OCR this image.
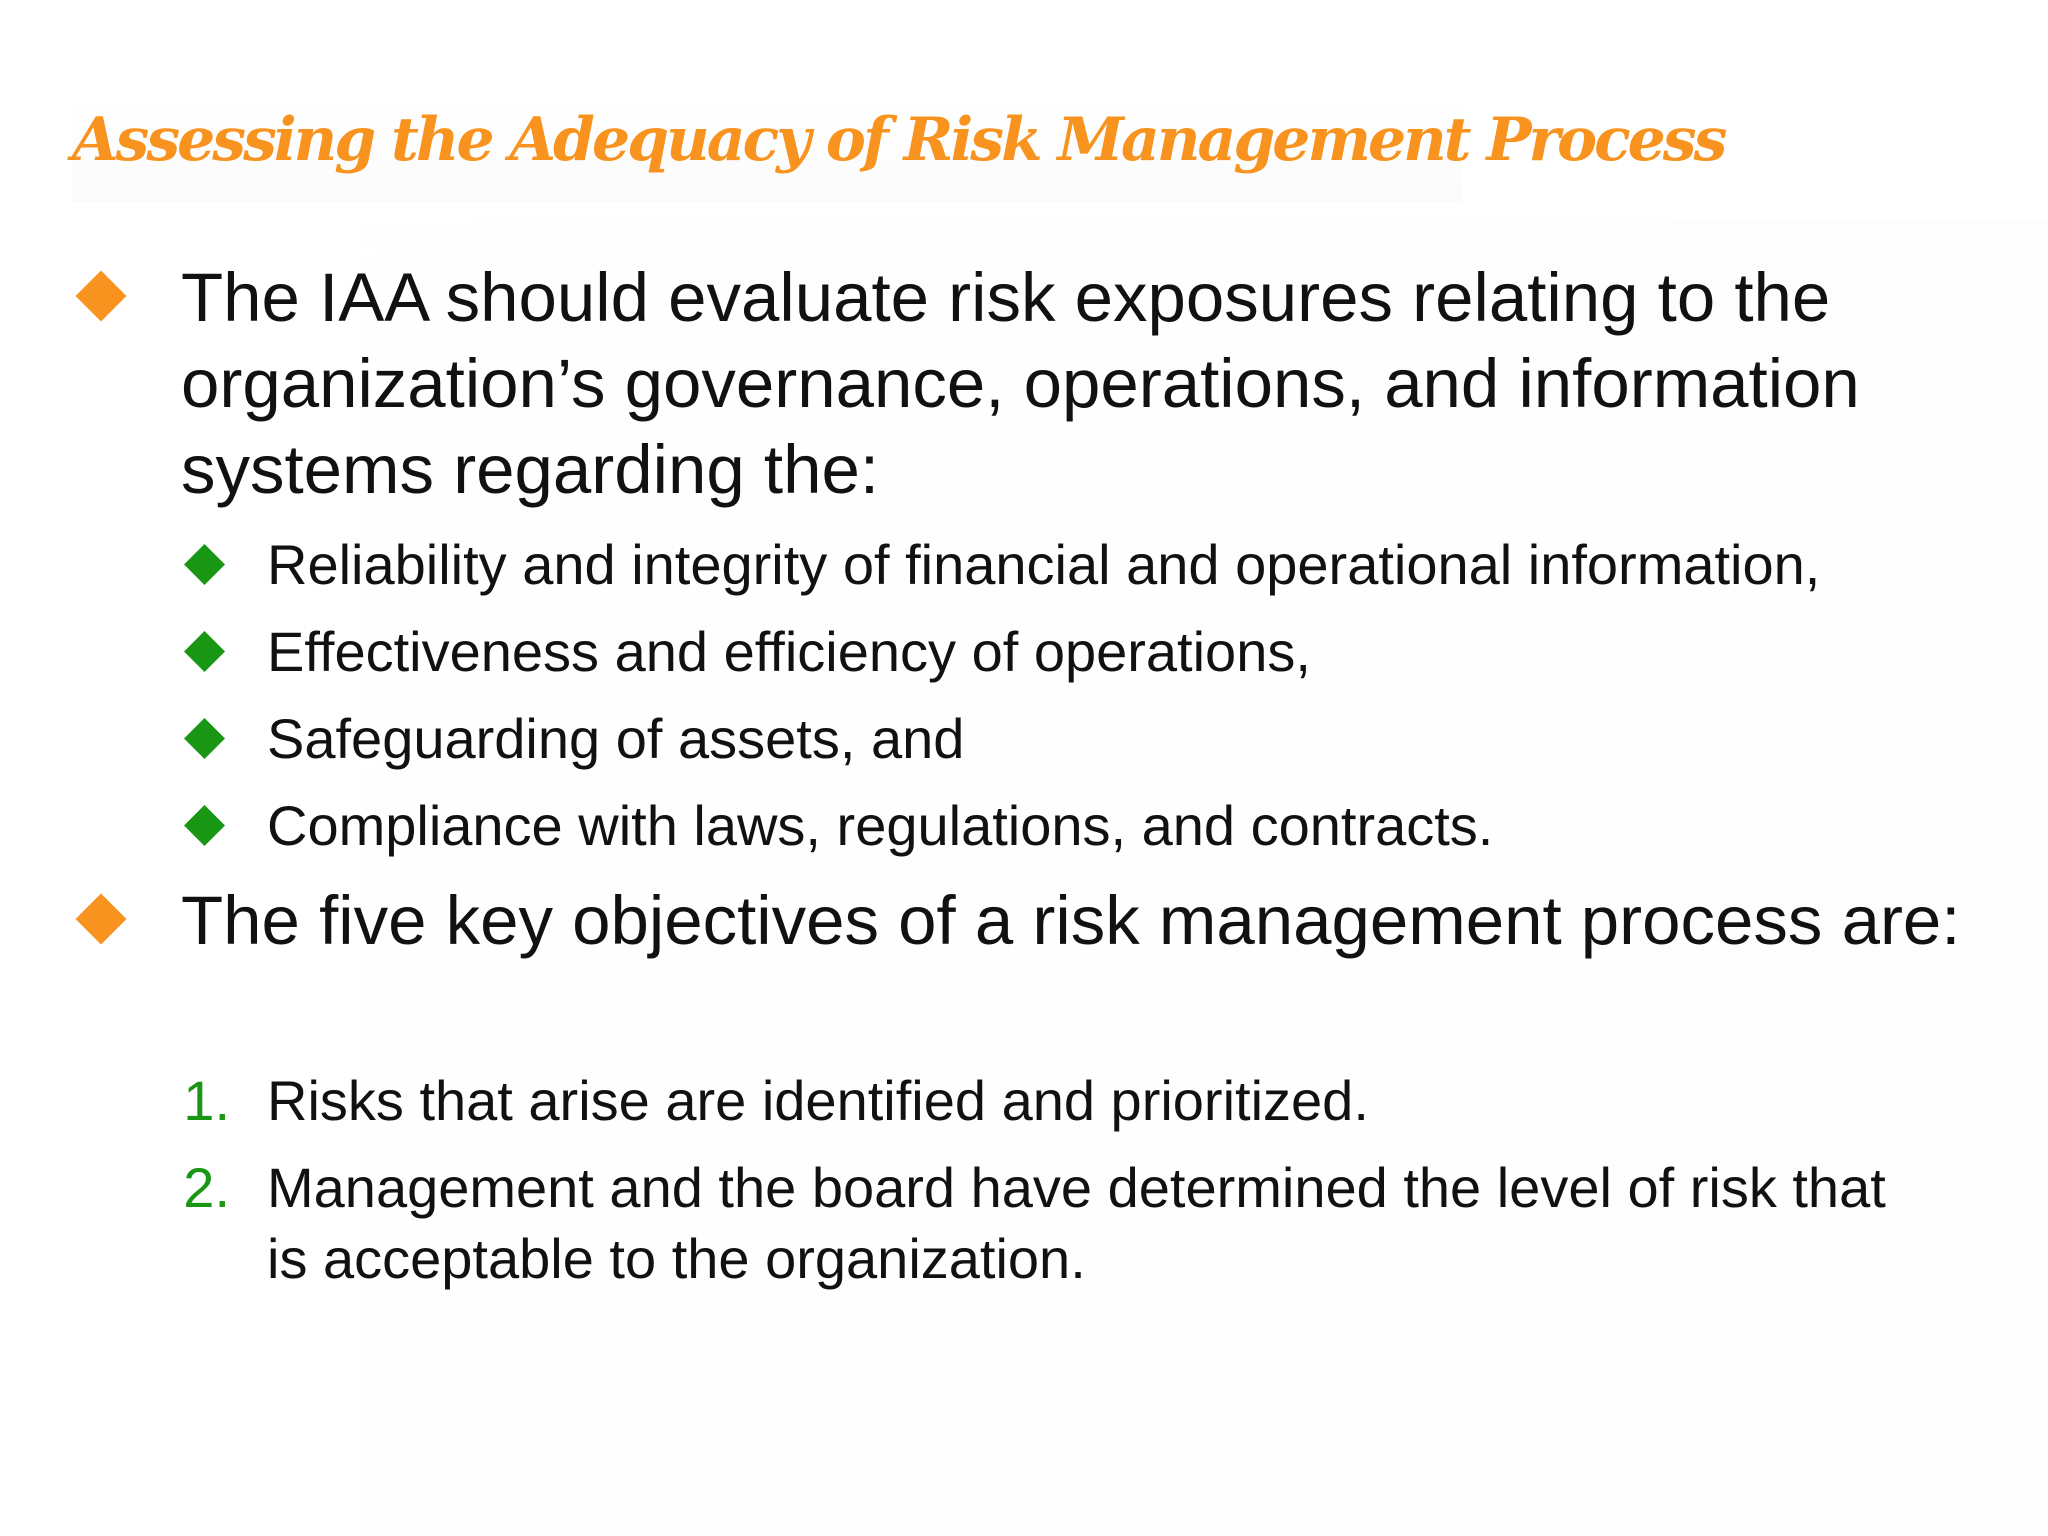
Assessing the Adequacy of Risk Management Process

The IAA should evaluate risk exposures relating to the organization’s governance, operations, and information systems regarding the:

Reliability and integrity of financial and operational information,

Effectiveness and efficiency of operations,

Safeguarding of assets, and

Compliance with laws, regulations, and contracts.

The five key objectives of a risk management process are:

1. Risks that arise are identified and prioritized.

2. Management and the board have determined the level of risk that is acceptable to the organization.
